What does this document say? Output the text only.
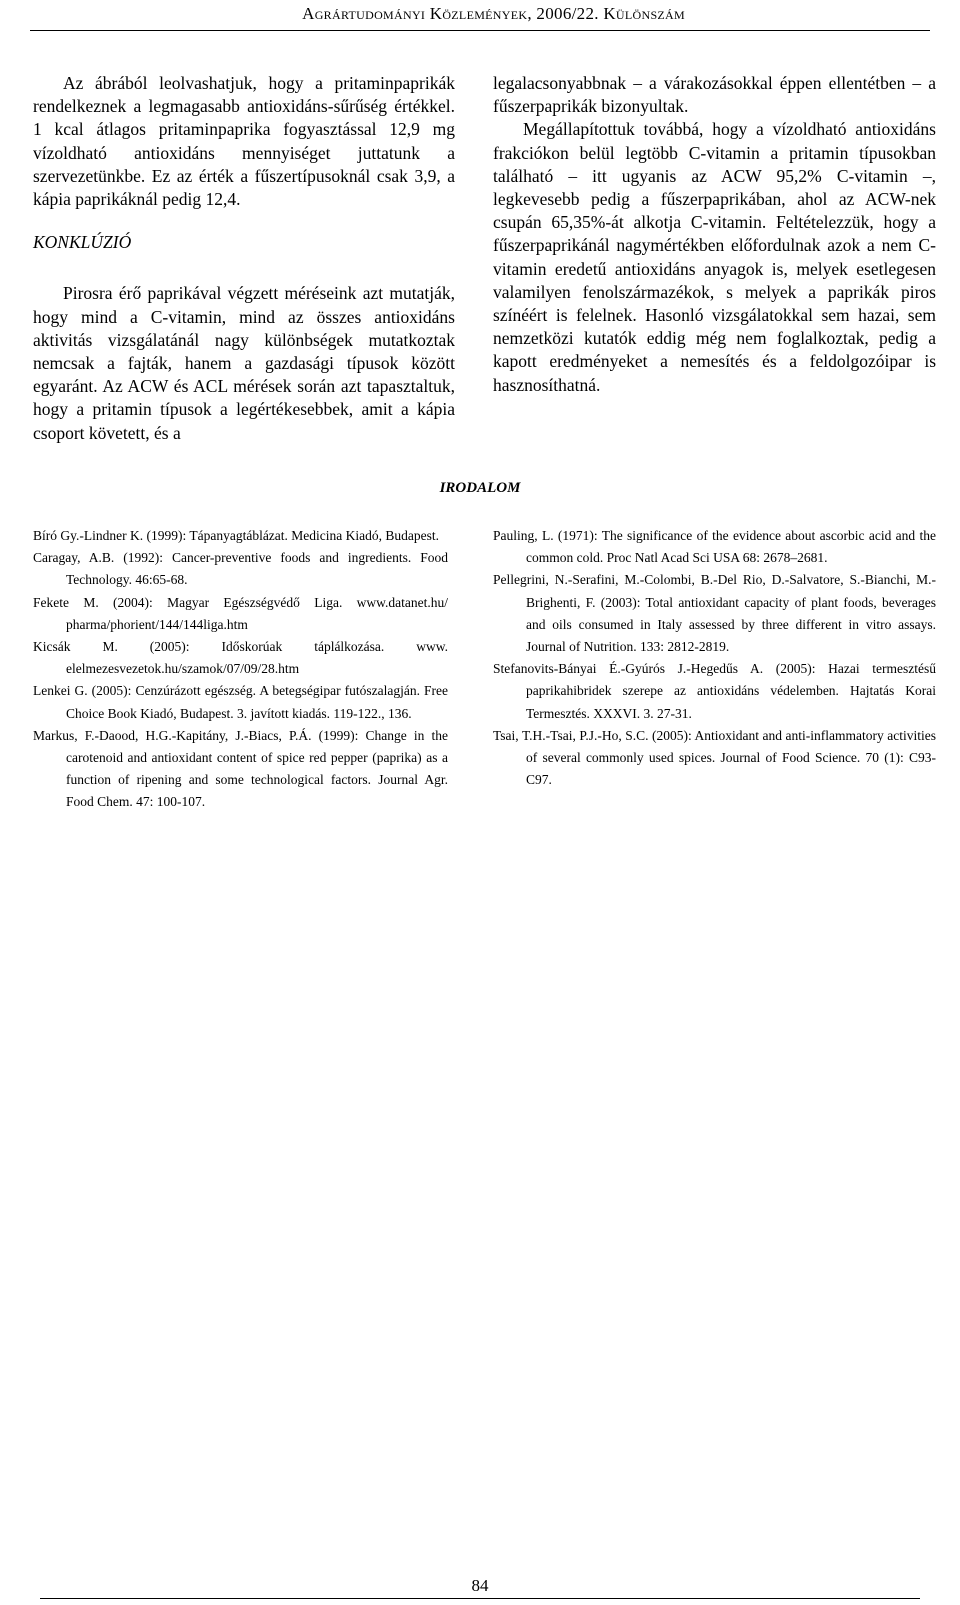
Agrártudományi Közlemények, 2006/22. Különszám

Az ábrából leolvashatjuk, hogy a pritaminpaprikák rendelkeznek a legmagasabb antioxidáns-sűrűség értékkel. 1 kcal átlagos pritaminpaprika fogyasztással 12,9 mg vízoldható antioxidáns mennyiséget juttatunk a szervezetünkbe. Ez az érték a fűszertípusoknál csak 3,9, a kápia paprikáknál pedig 12,4.

KONKLÚZIÓ

Pirosra érő paprikával végzett méréseink azt mutatják, hogy mind a C-vitamin, mind az összes antioxidáns aktivitás vizsgálatánál nagy különbségek mutatkoztak nemcsak a fajták, hanem a gazdasági típusok között egyaránt. Az ACW és ACL mérések során azt tapasztaltuk, hogy a pritamin típusok a legértékesebbek, amit a kápia csoport követett, és a

legalacsonyabbnak – a várakozásokkal éppen ellentétben – a fűszerpaprikák bizonyultak.

Megállapítottuk továbbá, hogy a vízoldható antioxidáns frakciókon belül legtöbb C-vitamin a pritamin típusokban található – itt ugyanis az ACW 95,2% C-vitamin –, legkevesebb pedig a fűszerpaprikában, ahol az ACW-nek csupán 65,35%-át alkotja C-vitamin. Feltételezzük, hogy a fűszerpaprikánál nagymértékben előfordulnak azok a nem C-vitamin eredetű antioxidáns anyagok is, melyek esetlegesen valamilyen fenolszármazékok, s melyek a paprikák piros színéért is felelnek. Hasonló vizsgálatokkal sem hazai, sem nemzetközi kutatók eddig még nem foglalkoztak, pedig a kapott eredményeket a nemesítés és a feldolgozóipar is hasznosíthatná.

IRODALOM

Bíró Gy.-Lindner K. (1999): Tápanyagtáblázat. Medicina Kiadó, Budapest.

Caragay, A.B. (1992): Cancer-preventive foods and ingredients. Food Technology. 46:65-68.

Fekete M. (2004): Magyar Egészségvédő Liga. www.datanet.hu/ pharma/phorient/144/144liga.htm

Kicsák M. (2005): Időskorúak táplálkozása. www. elelmezesvezetok.hu/szamok/07/09/28.htm

Lenkei G. (2005): Cenzúrázott egészség. A betegségipar futószalagján. Free Choice Book Kiadó, Budapest. 3. javított kiadás. 119-122., 136.

Markus, F.-Daood, H.G.-Kapitány, J.-Biacs, P.Á. (1999): Change in the carotenoid and antioxidant content of spice red pepper (paprika) as a function of ripening and some technological factors. Journal Agr. Food Chem. 47: 100-107.

Pauling, L. (1971): The significance of the evidence about ascorbic acid and the common cold. Proc Natl Acad Sci USA 68: 2678–2681.

Pellegrini, N.-Serafini, M.-Colombi, B.-Del Rio, D.-Salvatore, S.-Bianchi, M.-Brighenti, F. (2003): Total antioxidant capacity of plant foods, beverages and oils consumed in Italy assessed by three different in vitro assays. Journal of Nutrition. 133: 2812-2819.

Stefanovits-Bányai É.-Gyúrós J.-Hegedűs A. (2005): Hazai termesztésű paprikahibridek szerepe az antioxidáns védelemben. Hajtatás Korai Termesztés. XXXVI. 3. 27-31.

Tsai, T.H.-Tsai, P.J.-Ho, S.C. (2005): Antioxidant and anti-inflammatory activities of several commonly used spices. Journal of Food Science. 70 (1): C93-C97.

84
